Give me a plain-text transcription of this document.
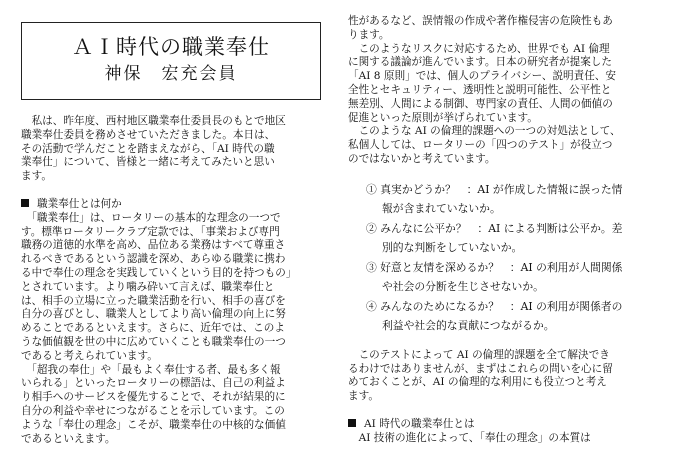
ＡＩ時代の職業奉仕
神保　宏充会員
　私は、昨年度、西村地区職業奉仕委員長のもとで地区
職業奉仕委員を務めさせていただきました。本日は、
その活動で学んだことを踏まえながら、「AI 時代の職
業奉仕」について、皆様と一緒に考えてみたいと思い
ます。
職業奉仕とは何か
　「職業奉仕」は、ロータリーの基本的な理念の一つで
す。標準ロータリークラブ定款では、「事業および専門
職務の道徳的水準を高め、品位ある業務はすべて尊重さ
れるべきであるという認識を深め、あらゆる職業に携わ
る中で奉仕の理念を実践していくという目的を持つもの」
とされています。より噛み砕いて言えば、職業奉仕と
は、相手の立場に立った職業活動を行い、相手の喜びを
自分の喜びとし、職業人としてより高い倫理の向上に努
めることであるといえます。さらに、近年では、このよ
うな価値観を世の中に広めていくことも職業奉仕の一つ
であると考えられています。
　「超我の奉仕」や「最もよく奉仕する者、最も多く報
いられる」といったロータリーの標語は、自己の利益よ
り相手へのサービスを優先することで、それが結果的に
自分の利益や幸せにつながることを示しています。この
ような「奉仕の理念」こそが、職業奉仕の中核的な価値
であるといえます。
性があるなど、誤情報の作成や著作権侵害の危険性もあ
ります。
　このようなリスクに対応するため、世界でも AI 倫理
に関する議論が進んでいます。日本の研究者が提案した
「AI 8 原則」では、個人のプライバシー、説明責任、安
全性とセキュリティー、透明性と説明可能性、公平性と
無差別、人間による制御、専門家の責任、人間の価値の
促進といった原則が挙げられています。
　このような AI の倫理的課題への一つの対処法として、
私個人しては、ロータリーの「四つのテスト」が役立つ
のではないかと考えています。
① 真実かどうか？　：AI が作成した情報に誤った情
報が含まれていないか。
② みんなに公平か？　：AI による判断は公平か。差
別的な判断をしていないか。
③ 好意と友情を深めるか？　：AI の利用が人間関係
や社会の分断を生じさせないか。
④ みんなのためになるか？　：AI の利用が関係者の
利益や社会的な貢献につながるか。
　このテストによって AI の倫理的課題を全て解決でき
るわけではありませんが、まずはこれらの問いを心に留
めておくことが、AI の倫理的な利用にも役立つと考え
ます。
AI 時代の職業奉仕とは
　AI 技術の進化によって、「奉仕の理念」の本質は
